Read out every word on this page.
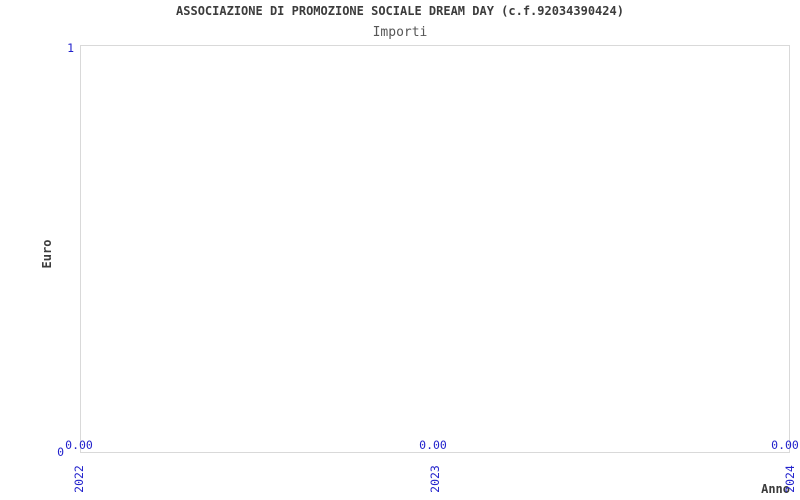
ASSOCIAZIONE DI PROMOZIONE SOCIALE DREAM DAY (c.f.92034390424)
Importi
1
0
Euro
Anno
0.00	0.00	0.00
2022	2023	2024
